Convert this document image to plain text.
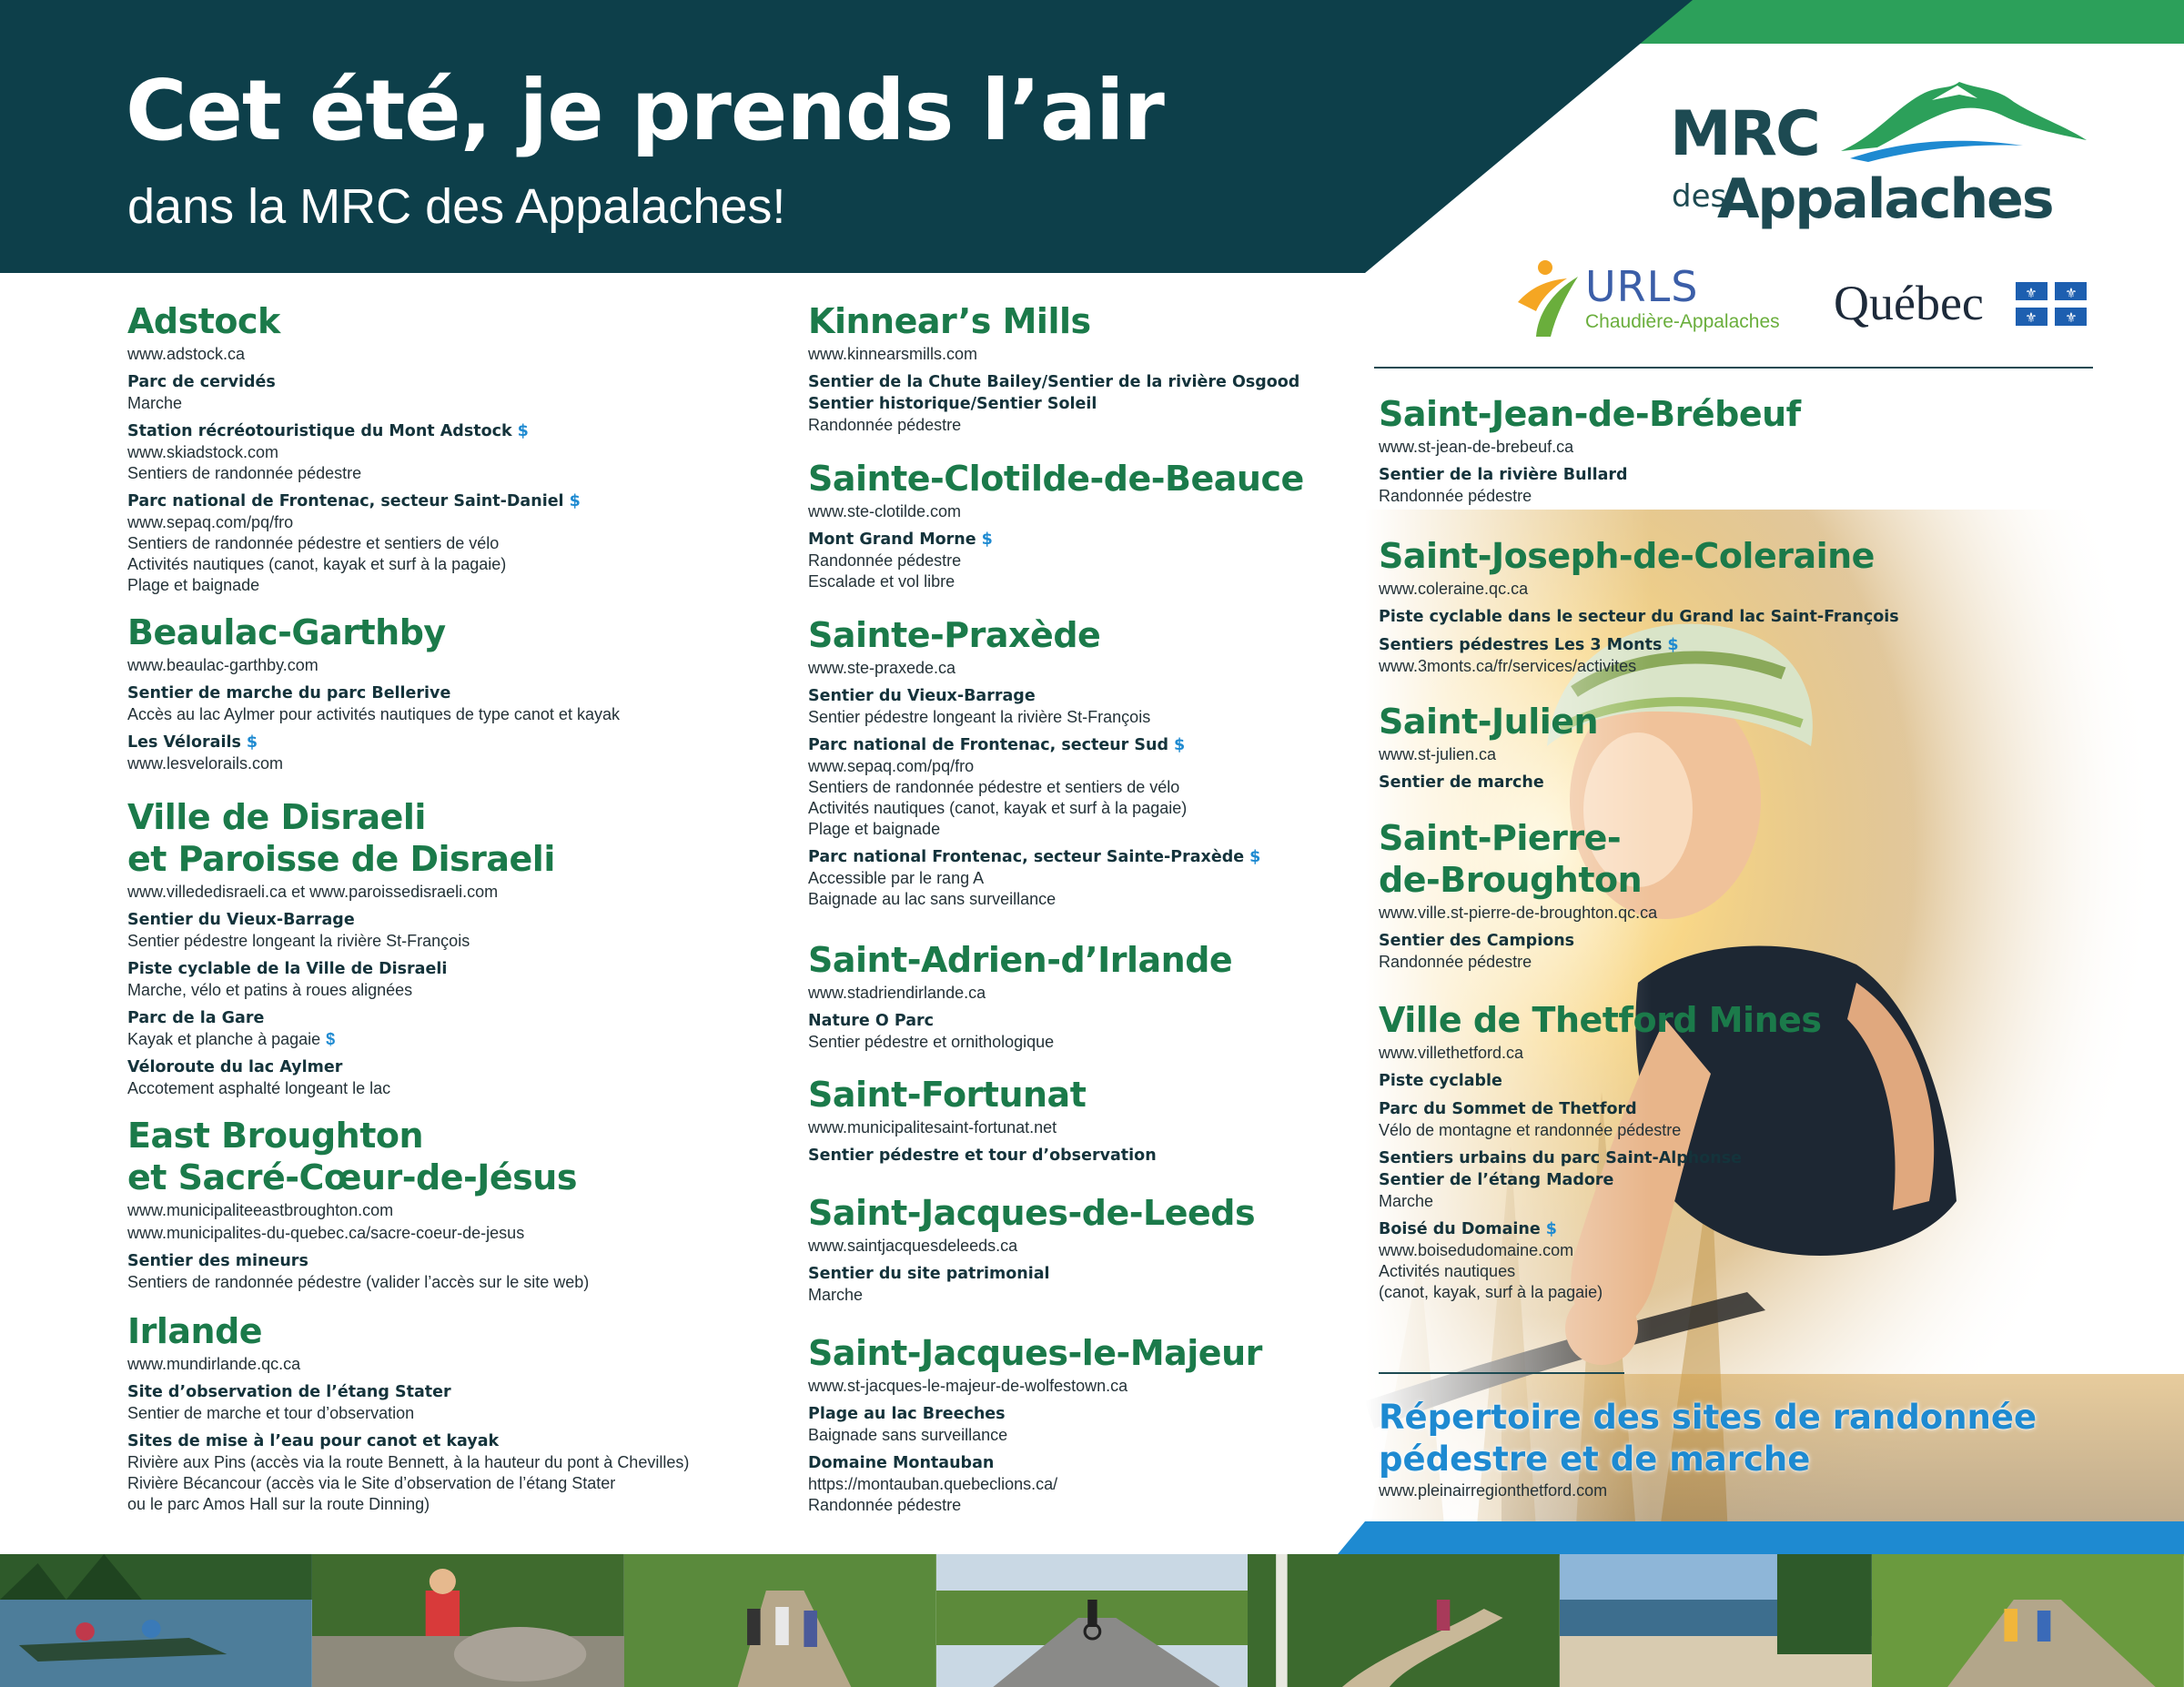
Cet été, je prends l’air
dans la MRC des Appalaches!
MRC
des
Appalaches
URLS
Chaudière-Appalaches Québec	⚜ ⚜
⚜ ⚜
Adstock
www.adstock.ca
Parc de cervidés
Marche
Station récréotouristique du Mont Adstock $
www.skiadstock.com
Sentiers de randonnée pédestre
Parc national de Frontenac, secteur Saint-Daniel $
www.sepaq.com/pq/fro
Sentiers de randonnée pédestre et sentiers de vélo
Activités nautiques (canot, kayak et surf à la pagaie)
Plage et baignade
Beaulac-Garthby
www.beaulac-garthby.com
Sentier de marche du parc Bellerive
Accès au lac Aylmer pour activités nautiques de type canot et kayak
Les Vélorails $
www.lesvelorails.com
Ville de Disraeli
et Paroisse de Disraeli
www.villededisraeli.ca et www.paroissedisraeli.com
Sentier du Vieux-Barrage
Sentier pédestre longeant la rivière St-François
Piste cyclable de la Ville de Disraeli
Marche, vélo et patins à roues alignées
Parc de la Gare
Kayak et planche à pagaie $
Véloroute du lac Aylmer
Accotement asphalté longeant le lac
East Broughton
et Sacré-Cœur-de-Jésus
www.municipaliteeastbroughton.com
www.municipalites-du-quebec.ca/sacre-coeur-de-jesus
Sentier des mineurs
Sentiers de randonnée pédestre (valider l’accès sur le site web)
Irlande
www.mundirlande.qc.ca
Site d’observation de l’étang Stater
Sentier de marche et tour d’observation
Sites de mise à l’eau pour canot et kayak
Rivière aux Pins (accès via la route Bennett, à la hauteur du pont à Chevilles)
Rivière Bécancour (accès via le Site d’observation de l’étang Stater
ou le parc Amos Hall sur la route Dinning)
Kinnear’s Mills
www.kinnearsmills.com
Sentier de la Chute Bailey/Sentier de la rivière Osgood
Sentier historique/Sentier Soleil
Randonnée pédestre
Sainte-Clotilde-de-Beauce
www.ste-clotilde.com
Mont Grand Morne $
Randonnée pédestre
Escalade et vol libre
Sainte-Praxède
www.ste-praxede.ca
Sentier du Vieux-Barrage
Sentier pédestre longeant la rivière St-François
Parc national de Frontenac, secteur Sud $
www.sepaq.com/pq/fro
Sentiers de randonnée pédestre et sentiers de vélo
Activités nautiques (canot, kayak et surf à la pagaie)
Plage et baignade
Parc national Frontenac, secteur Sainte-Praxède $
Accessible par le rang A
Baignade au lac sans surveillance
Saint-Adrien-d’Irlande
www.stadriendirlande.ca
Nature O Parc
Sentier pédestre et ornithologique
Saint-Fortunat
www.municipalitesaint-fortunat.net
Sentier pédestre et tour d’observation
Saint-Jacques-de-Leeds
www.saintjacquesdeleeds.ca
Sentier du site patrimonial
Marche
Saint-Jacques-le-Majeur
www.st-jacques-le-majeur-de-wolfestown.ca
Plage au lac Breeches
Baignade sans surveillance
Domaine Montauban
https://montauban.quebeclions.ca/
Randonnée pédestre
Saint-Jean-de-Brébeuf
www.st-jean-de-brebeuf.ca
Sentier de la rivière Bullard
Randonnée pédestre
Saint-Joseph-de-Coleraine
www.coleraine.qc.ca
Piste cyclable dans le secteur du Grand lac Saint-François
Sentiers pédestres Les 3 Monts $
www.3monts.ca/fr/services/activites
Saint-Julien
www.st-julien.ca
Sentier de marche
Saint-Pierre-
de-Broughton
www.ville.st-pierre-de-broughton.qc.ca
Sentier des Campions
Randonnée pédestre
Ville de Thetford Mines
www.villethetford.ca
Piste cyclable
Parc du Sommet de Thetford
Vélo de montagne et randonnée pédestre
Sentiers urbains du parc Saint-Alphonse
Sentier de l’étang Madore
Marche
Boisé du Domaine $
www.boisedudomaine.com
Activités nautiques
(canot, kayak, surf à la pagaie)
Répertoire des sites de randonnée
pédestre et de marche
www.pleinairregionthetford.com
